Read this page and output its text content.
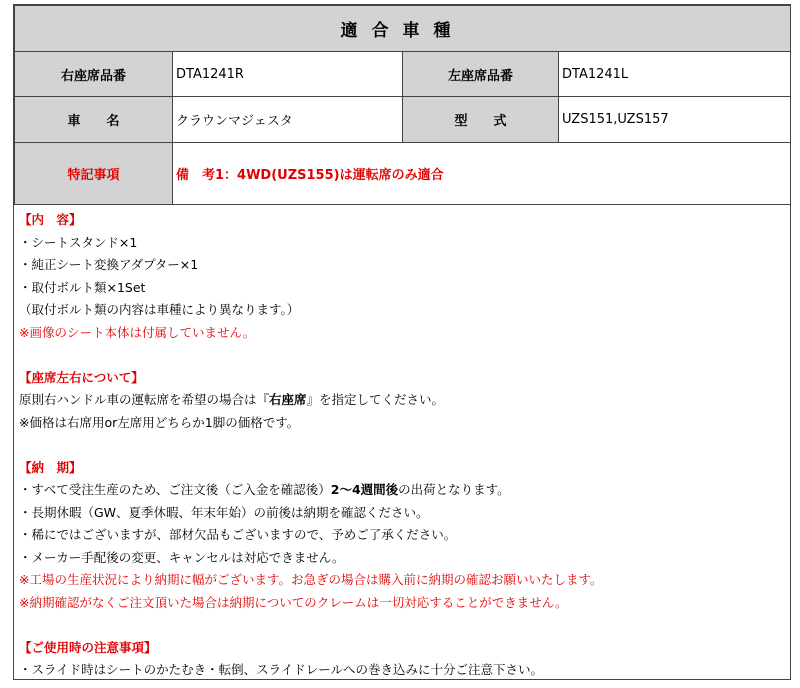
適合車種			
右座席品番	DTA1241R	左座席品番	DTA1241L
車　　名	クラウンマジェスタ	型　　式	UZS151,UZS157
特記事項	備　考1：4WD(UZS155)は運転席のみ適合		
【内　容】
・シートスタンド×1
・純正シート変換アダプター×1
・取付ボルト類×1Set
（取付ボルト類の内容は車種により異なります。）
※画像のシート本体は付属していません。
【座席左右について】
原則右ハンドル車の運転席を希望の場合は『右座席』を指定してください。
※価格は右席用or左席用どちらか1脚の価格です。
【納　期】
・すべて受注生産のため、ご注文後（ご入金を確認後）2〜4週間後の出荷となります。
・長期休暇（GW、夏季休暇、年末年始）の前後は納期を確認ください。
・稀にではございますが、部材欠品もございますので、予めご了承ください。
・メーカー手配後の変更、キャンセルは対応できません。
※工場の生産状況により納期に幅がございます。お急ぎの場合は購入前に納期の確認お願いいたします。
※納期確認がなくご注文頂いた場合は納期についてのクレームは一切対応することができません。
【ご使用時の注意事項】
・スライド時はシートのかたむき・転倒、スライドレールへの巻き込みに十分ご注意下さい。
